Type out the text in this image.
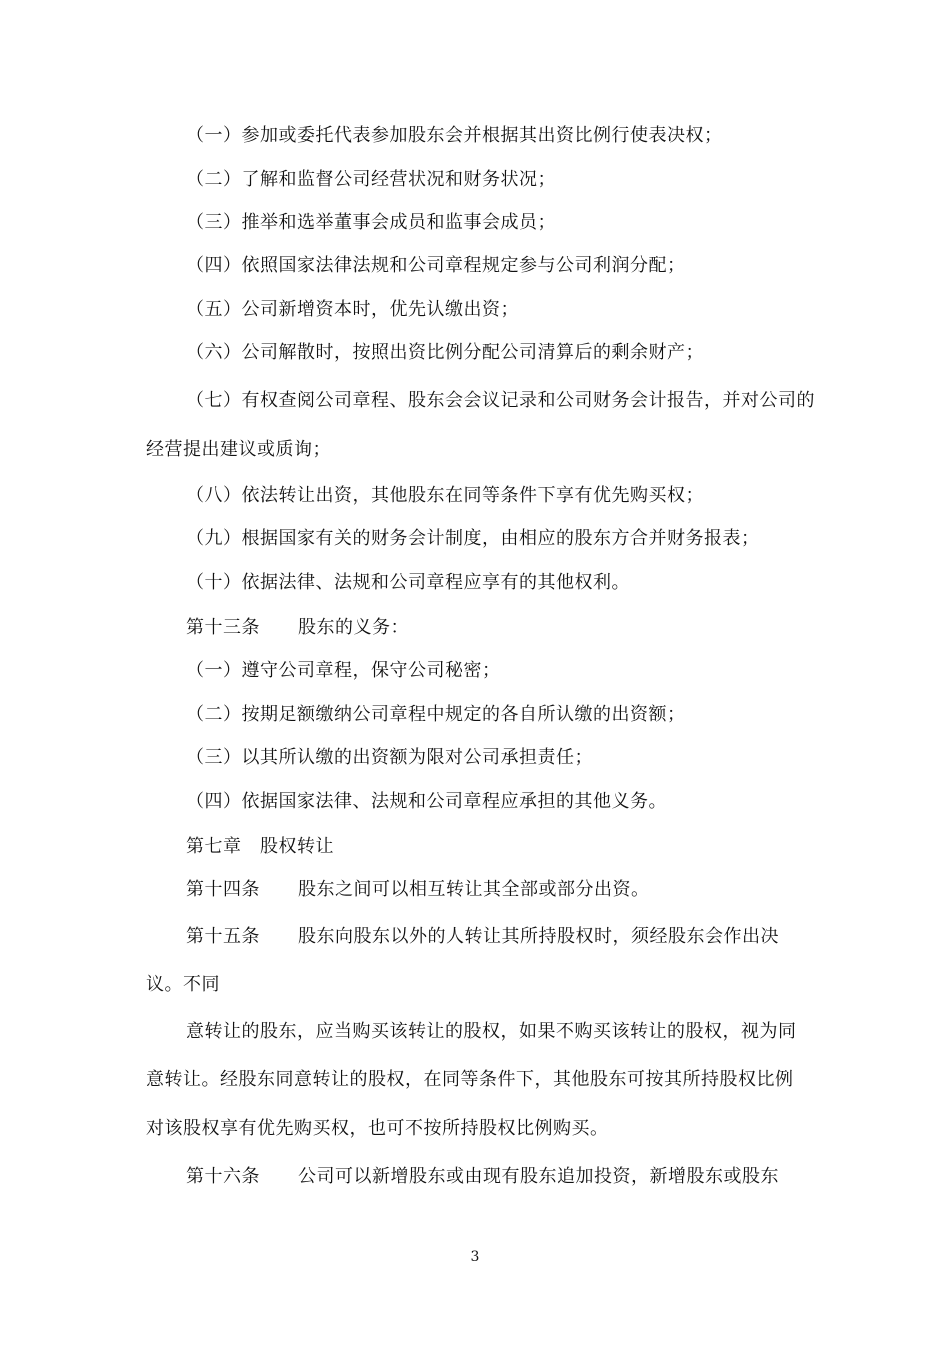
（一）参加或委托代表参加股东会并根据其出资比例行使表决权；
（二）了解和监督公司经营状况和财务状况；
（三）推举和选举董事会成员和监事会成员；
（四）依照国家法律法规和公司章程规定参与公司利润分配；
（五）公司新增资本时，优先认缴出资；
（六）公司解散时，按照出资比例分配公司清算后的剩余财产；
（七）有权查阅公司章程、股东会会议记录和公司财务会计报告，并对公司的
经营提出建议或质询；
（八）依法转让出资，其他股东在同等条件下享有优先购买权；
（九）根据国家有关的财务会计制度，由相应的股东方合并财务报表；
（十）依据法律、法规和公司章程应享有的其他权利。
第十三条 股东的义务：
（一）遵守公司章程，保守公司秘密；
（二）按期足额缴纳公司章程中规定的各自所认缴的出资额；
（三）以其所认缴的出资额为限对公司承担责任；
（四）依据国家法律、法规和公司章程应承担的其他义务。
第七章　股权转让
第十四条 股东之间可以相互转让其全部或部分出资。
第十五条 股东向股东以外的人转让其所持股权时，须经股东会作出决
议。不同
意转让的股东，应当购买该转让的股权，如果不购买该转让的股权，视为同
意转让。经股东同意转让的股权，在同等条件下，其他股东可按其所持股权比例
对该股权享有优先购买权，也可不按所持股权比例购买。
第十六条 公司可以新增股东或由现有股东追加投资，新增股东或股东
3
